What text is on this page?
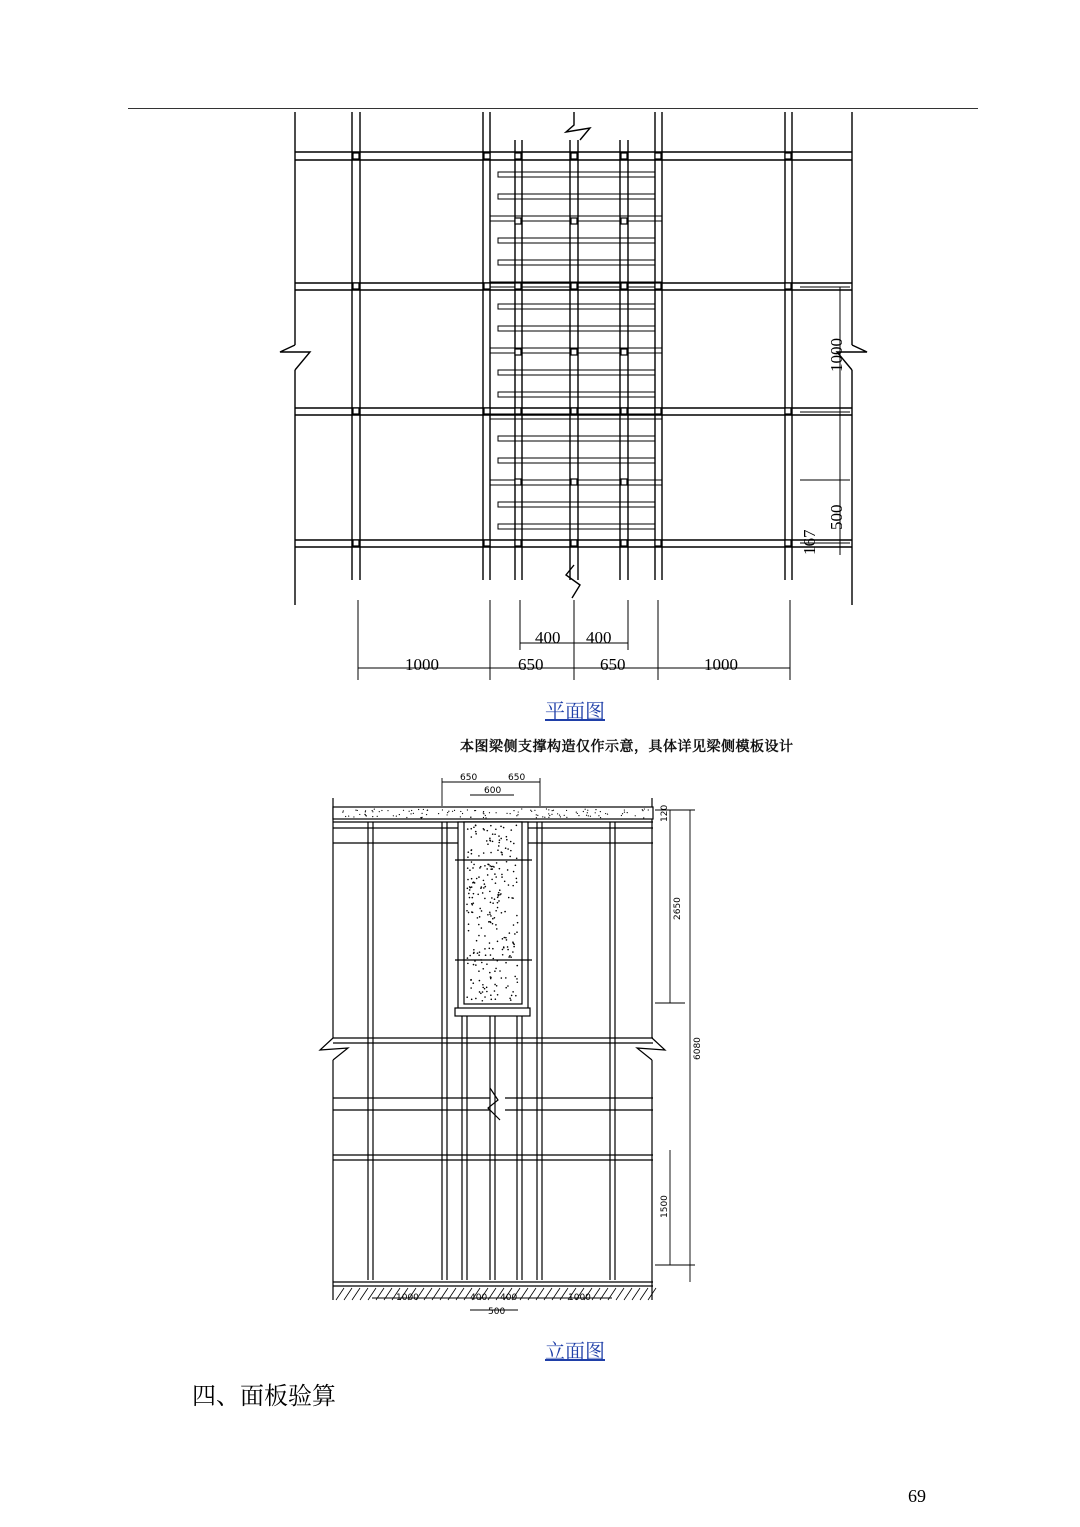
400 400
1000	650	650	1000
1000
500
167
平面图
本图梁侧支撑构造仅作示意，具体详见梁侧模板设计
650	650
600
120
2650
6080
1500
1000	400 400	1000
500
立面图
四、面板验算
69
